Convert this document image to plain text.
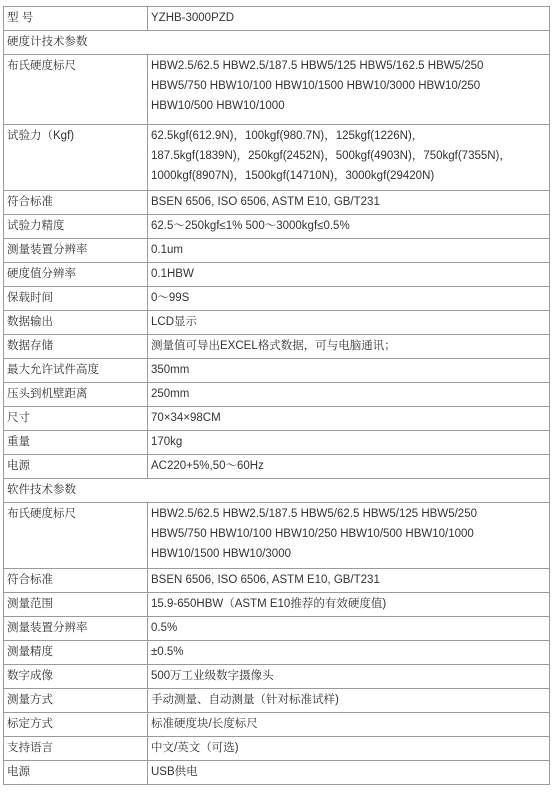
型 号	YZHB-3000PZD
硬度计技术参数	
布氏硬度标尺	HBW2.5/62.5 HBW2.5/187.5 HBW5/125 HBW5/162.5 HBW5/250
HBW5/750 HBW10/100 HBW10/1500 HBW10/3000 HBW10/250
HBW10/500 HBW10/1000
试验力（Kgf)	62.5kgf(612.9N)，100kgf(980.7N)，125kgf(1226N)，
187.5kgf(1839N)，250kgf(2452N)，500kgf(4903N)，750kgf(7355N)，
1000kgf(8907N)，1500kgf(14710N)，3000kgf(29420N)
符合标准	BSEN 6506, ISO 6506, ASTM E10, GB/T231
试验力精度	62.5～250kgf≤1% 500～3000kgf≤0.5%
测量装置分辨率	0.1um
硬度值分辨率	0.1HBW
保载时间	0～99S
数据输出	LCD显示
数据存储	测量值可导出EXCEL格式数据，可与电脑通讯；
最大允许试件高度	350mm
压头到机壁距离	250mm
尺寸	70×34×98CM
重量	170kg
电源	AC220+5%,50～60Hz
软件技术参数	
布氏硬度标尺	HBW2.5/62.5 HBW2.5/187.5 HBW5/62.5 HBW5/125 HBW5/250
HBW5/750 HBW10/100 HBW10/250 HBW10/500 HBW10/1000
HBW10/1500 HBW10/3000
符合标准	BSEN 6506, ISO 6506, ASTM E10, GB/T231
测量范围	15.9-650HBW（ASTM E10推荐的有效硬度值)
测量装置分辨率	0.5%
测量精度	±0.5%
数字成像	500万工业级数字摄像头
测量方式	手动测量、自动测量（针对标准试样)
标定方式	标准硬度块/长度标尺
支持语言	中文/英文（可选)
电源	USB供电
